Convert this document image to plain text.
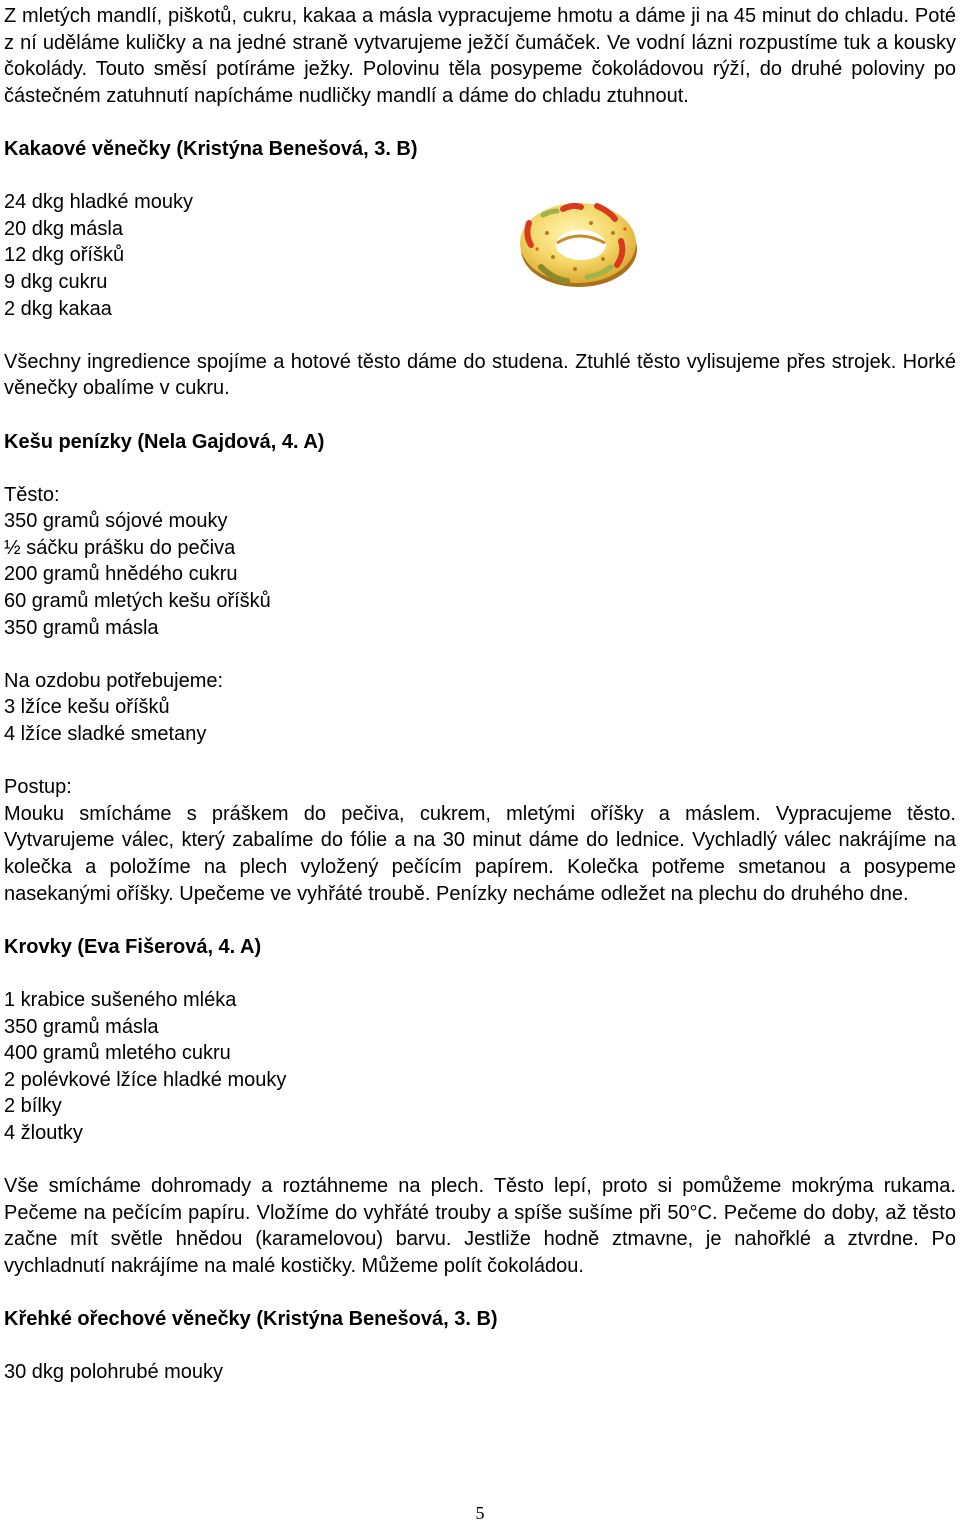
Z mletých mandlí, piškotů, cukru, kakaa a másla vypracujeme hmotu a dáme ji na 45 minut do chladu. Poté z ní uděláme kuličky a na jedné straně vytvarujeme ježčí čumáček. Ve vodní lázni rozpustíme tuk a kousky čokolády. Touto směsí potíráme ježky. Polovinu těla posypeme čokoládovou rýží, do druhé poloviny po částečném zatuhnutí napícháme nudličky mandlí a dáme do chladu ztuhnout.

Kakaové věnečky (Kristýna Benešová, 3. B)

24 dkg hladké mouky

20 dkg másla

12 dkg oříšků

9 dkg cukru

2 dkg kakaa

Všechny ingredience spojíme a hotové těsto dáme do studena. Ztuhlé těsto vylisujeme přes strojek. Horké věnečky obalíme v cukru.

Kešu penízky (Nela Gajdová, 4. A)

Těsto:

350 gramů sójové mouky

½ sáčku prášku do pečiva

200 gramů hnědého cukru

60 gramů mletých kešu oříšků

350 gramů másla

Na ozdobu potřebujeme:

3 lžíce kešu oříšků

4 lžíce sladké smetany

Postup:

Mouku smícháme s práškem do pečiva, cukrem, mletými oříšky a máslem. Vypracujeme těsto. Vytvarujeme válec, který zabalíme do fólie a na 30 minut dáme do lednice. Vychladlý válec nakrájíme na kolečka a položíme na plech vyložený pečícím papírem. Kolečka potřeme smetanou a posypeme nasekanými oříšky. Upečeme ve vyhřáté troubě. Penízky necháme odležet na plechu do druhého dne.

Krovky (Eva Fišerová, 4. A)

1 krabice sušeného mléka

350 gramů másla

400 gramů mletého cukru

2 polévkové lžíce hladké mouky

2 bílky

4 žloutky

Vše smícháme dohromady a roztáhneme na plech. Těsto lepí, proto si pomůžeme mokrýma rukama. Pečeme na pečícím papíru. Vložíme do vyhřáté trouby a spíše sušíme při 50°C. Pečeme do doby, až těsto začne mít světle hnědou (karamelovou) barvu. Jestliže hodně ztmavne, je nahořklé a ztvrdne. Po vychladnutí nakrájíme na malé kostičky. Můžeme polít čokoládou.

Křehké ořechové věnečky (Kristýna Benešová, 3. B)

30 dkg polohrubé mouky

5
